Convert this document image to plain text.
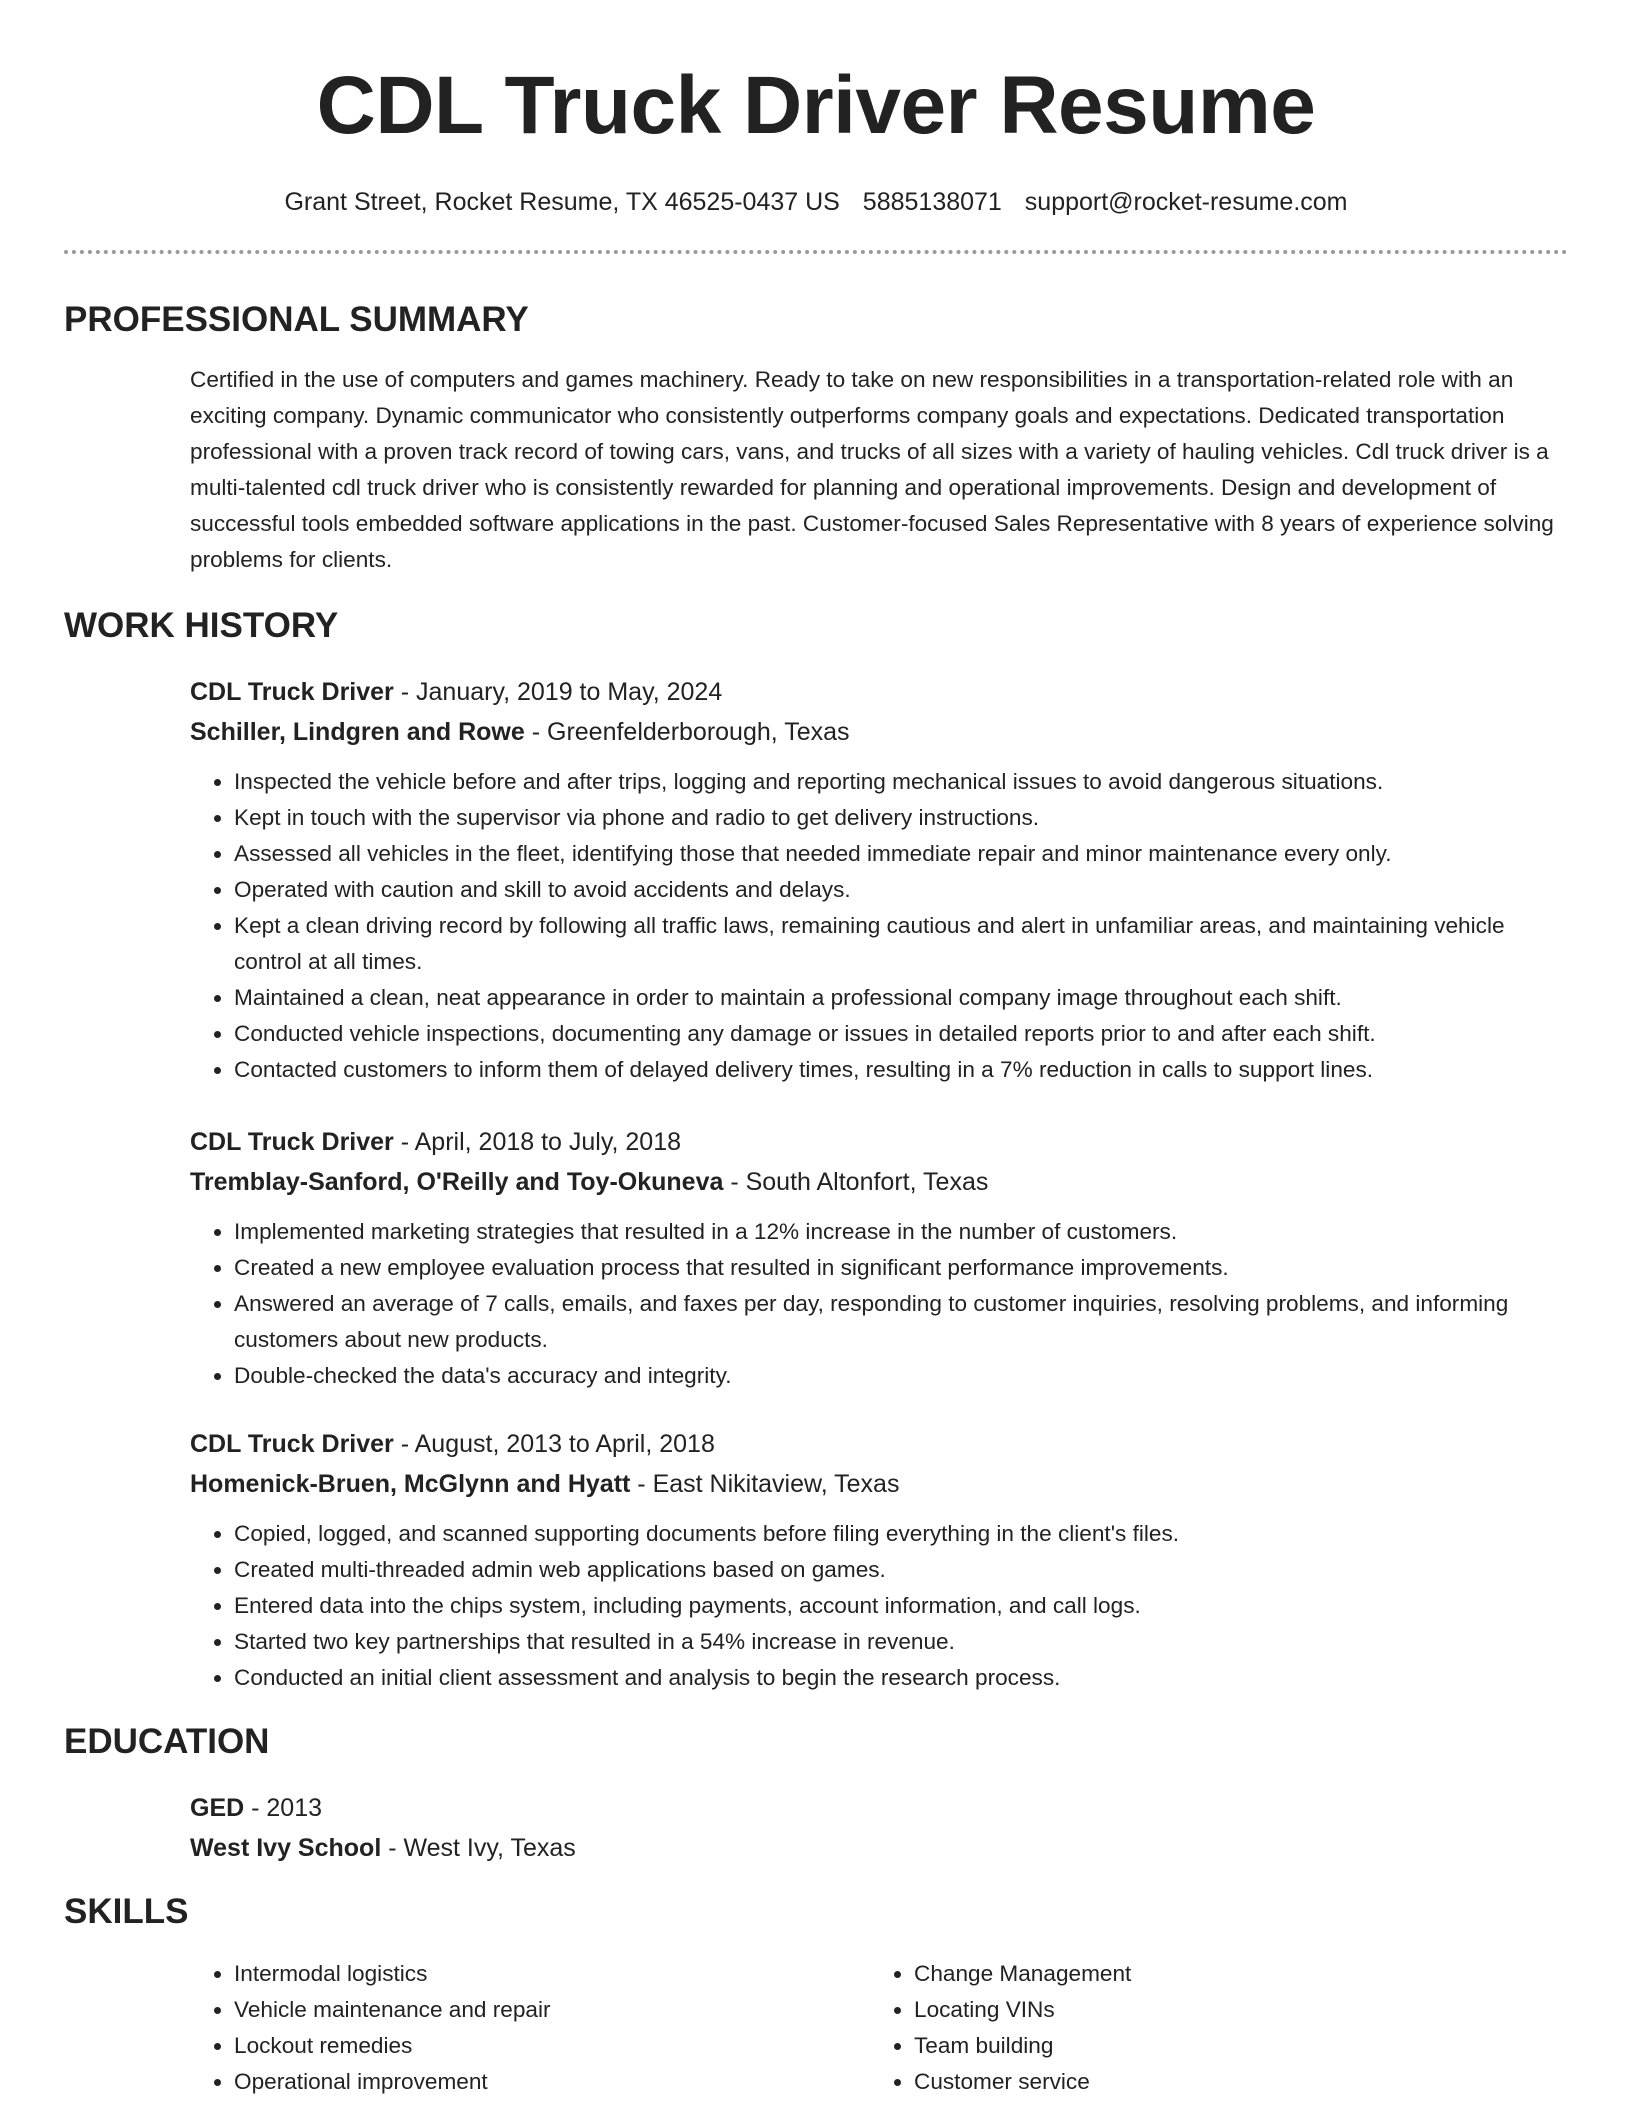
CDL Truck Driver Resume
Grant Street, Rocket Resume, TX 46525-0437 US 5885138071 support@rocket-resume.com
PROFESSIONAL SUMMARY

Certified in the use of computers and games machinery. Ready to take on new responsibilities in a transportation-related role with an exciting company. Dynamic communicator who consistently outperforms company goals and expectations. Dedicated transportation professional with a proven track record of towing cars, vans, and trucks of all sizes with a variety of hauling vehicles. Cdl truck driver is a multi-talented cdl truck driver who is consistently rewarded for planning and operational improvements. Design and development of successful tools embedded software applications in the past. Customer-focused Sales Representative with 8 years of experience solving problems for clients.

WORK HISTORY
CDL Truck Driver - January, 2019 to May, 2024
Schiller, Lindgren and Rowe - Greenfelderborough, Texas
• Inspected the vehicle before and after trips, logging and reporting mechanical issues to avoid dangerous situations.
• Kept in touch with the supervisor via phone and radio to get delivery instructions.
• Assessed all vehicles in the fleet, identifying those that needed immediate repair and minor maintenance every only.
• Operated with caution and skill to avoid accidents and delays.
• Kept a clean driving record by following all traffic laws, remaining cautious and alert in unfamiliar areas, and maintaining vehicle control at all times.
• Maintained a clean, neat appearance in order to maintain a professional company image throughout each shift.
• Conducted vehicle inspections, documenting any damage or issues in detailed reports prior to and after each shift.
• Contacted customers to inform them of delayed delivery times, resulting in a 7% reduction in calls to support lines.
CDL Truck Driver - April, 2018 to July, 2018
Tremblay-Sanford, O'Reilly and Toy-Okuneva - South Altonfort, Texas
• Implemented marketing strategies that resulted in a 12% increase in the number of customers.
• Created a new employee evaluation process that resulted in significant performance improvements.
• Answered an average of 7 calls, emails, and faxes per day, responding to customer inquiries, resolving problems, and informing customers about new products.
• Double-checked the data's accuracy and integrity.
CDL Truck Driver - August, 2013 to April, 2018
Homenick-Bruen, McGlynn and Hyatt - East Nikitaview, Texas
• Copied, logged, and scanned supporting documents before filing everything in the client's files.
• Created multi-threaded admin web applications based on games.
• Entered data into the chips system, including payments, account information, and call logs.
• Started two key partnerships that resulted in a 54% increase in revenue.
• Conducted an initial client assessment and analysis to begin the research process.
EDUCATION
GED - 2013
West Ivy School - West Ivy, Texas
SKILLS
• Intermodal logistics
• Vehicle maintenance and repair
• Lockout remedies
• Operational improvement
• Change Management
• Locating VINs
• Team building
• Customer service
